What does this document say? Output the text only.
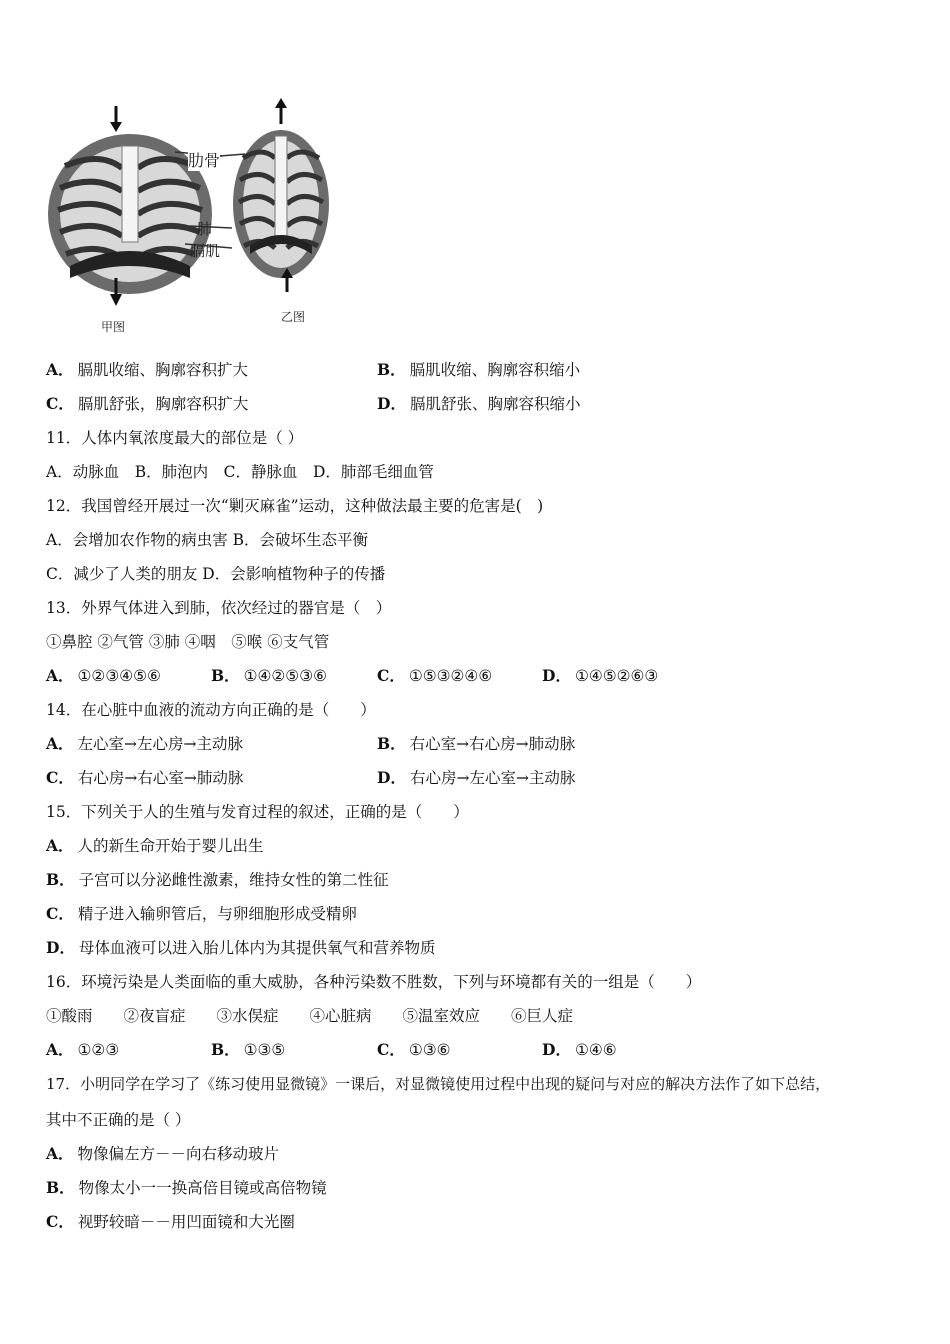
肋骨
肺
膈肌
甲图
乙图
A． 膈肌收缩、胸廓容积扩大	B． 膈肌收缩、胸廓容积缩小
C． 膈肌舒张，胸廓容积扩大	D． 膈肌舒张、胸廓容积缩小
11．人体内氧浓度最大的部位是（ ）
A．动脉血　B．肺泡内　C．静脉血　D．肺部毛细血管
12．我国曾经开展过一次“剿灭麻雀”运动，这种做法最主要的危害是(　)
A．会增加农作物的病虫害 B．会破坏生态平衡
C．减少了人类的朋友 D．会影响植物种子的传播
13．外界气体进入到肺，依次经过的器官是（　）
①鼻腔 ②气管 ③肺 ④咽　⑤喉 ⑥支气管
A． ①②③④⑤⑥	B． ①④②⑤③⑥	C． ①⑤③②④⑥	D． ①④⑤②⑥③
14．在心脏中血液的流动方向正确的是（　　）
A． 左心室→左心房→主动脉	B． 右心室→右心房→肺动脉
C． 右心房→右心室→肺动脉	D． 右心房→左心室→主动脉
15．下列关于人的生殖与发育过程的叙述，正确的是（　　）
A． 人的新生命开始于婴儿出生
B． 子宫可以分泌雌性激素，维持女性的第二性征
C． 精子进入输卵管后，与卵细胞形成受精卵
D． 母体血液可以进入胎儿体内为其提供氧气和营养物质
16．环境污染是人类面临的重大威胁，各种污染数不胜数，下列与环境都有关的一组是（　　）
①酸雨　　②夜盲症　　③水俣症　　④心脏病　　⑤温室效应　　⑥巨人症
A． ①②③	B． ①③⑤	C． ①③⑥	D． ①④⑥
17．小明同学在学习了《练习使用显微镜》一课后，对显微镜使用过程中出现的疑问与对应的解决方法作了如下总结，
其中不正确的是（ ）
A． 物像偏左方－－向右移动玻片
B． 物像太小一一换高倍目镜或高倍物镜
C． 视野较暗－－用凹面镜和大光圈
